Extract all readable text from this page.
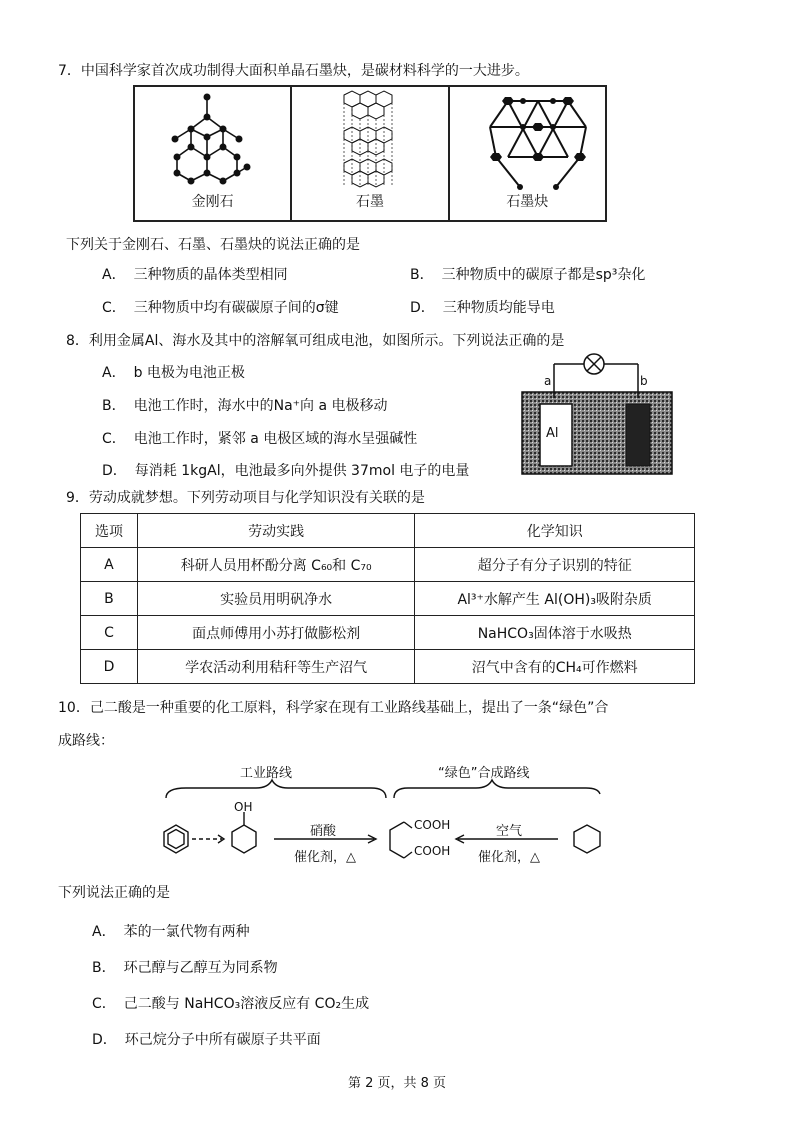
7．中国科学家首次成功制得大面积单晶石墨炔，是碳材料科学的一大进步。
金刚石	石墨	石墨炔
下列关于金刚石、石墨、石墨炔的说法正确的是
A． 三种物质的晶体类型相同	B． 三种物质中的碳原子都是sp³杂化
C． 三种物质中均有碳碳原子间的σ键	D． 三种物质均能导电
8．利用金属Al、海水及其中的溶解氧可组成电池，如图所示。下列说法正确的是
A． b 电极为电池正极
B． 电池工作时，海水中的Na⁺向 a 电极移动
C． 电池工作时，紧邻 a 电极区域的海水呈强碱性
D． 每消耗 1kgAl，电池最多向外提供 37mol 电子的电量
a	b
Al
9．劳动成就梦想。下列劳动项目与化学知识没有关联的是
选项	劳动实践	化学知识
A	科研人员用杯酚分离 C₆₀和 C₇₀	超分子有分子识别的特征
B	实验员用明矾净水	Al³⁺水解产生 Al(OH)₃吸附杂质
C	面点师傅用小苏打做膨松剂	NaHCO₃固体溶于水吸热
D	学农活动利用秸秆等生产沼气	沼气中含有的CH₄可作燃料
10．己二酸是一种重要的化工原料，科学家在现有工业路线基础上，提出了一条“绿色”合
成路线：
工业路线	“绿色”合成路线
OH
硝酸
催化剂，△
COOH
COOH
空气
催化剂，△
下列说法正确的是
A． 苯的一氯代物有两种
B． 环己醇与乙醇互为同系物
C． 己二酸与 NaHCO₃溶液反应有 CO₂生成
D． 环己烷分子中所有碳原子共平面
第 2 页，共 8 页
